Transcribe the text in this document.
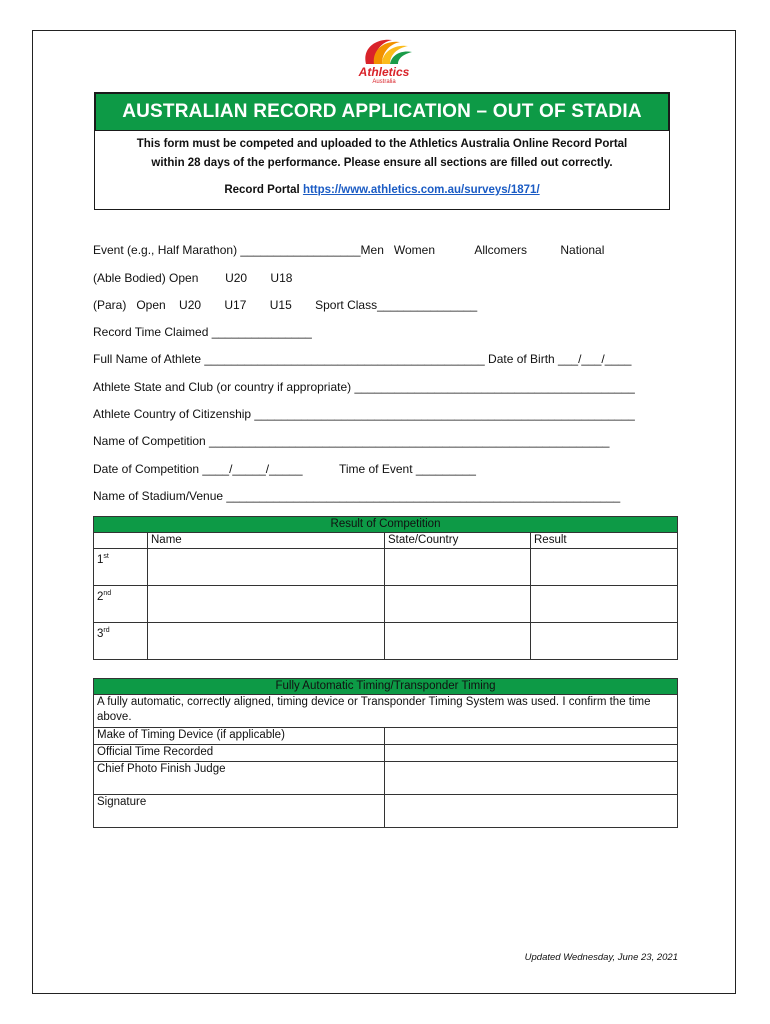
Athletics
Australia
AUSTRALIAN RECORD APPLICATION – OUT OF STADIA
This form must be competed and uploaded to the Athletics Australia Online Record Portal
within 28 days of the performance. Please ensure all sections are filled out correctly.
Record Portal https://www.athletics.com.au/surveys/1871/
Event (e.g., Half Marathon) __________________Men   Women            Allcomers          National
(Able Bodied) Open        U20       U18
(Para)   Open    U20       U17       U15       Sport Class_______________
Record Time Claimed _______________
Full Name of Athlete __________________________________________ Date of Birth ___/___/____
Athlete State and Club (or country if appropriate) __________________________________________
Athlete Country of Citizenship _________________________________________________________
Name of Competition ____________________________________________________________
Date of Competition ____/_____/_____           Time of Event _________
Name of Stadium/Venue ___________________________________________________________
Result of Competition			
	Name	State/Country	Result
1st			
2nd			
3rd			
Fully Automatic Timing/Transponder Timing	
A fully automatic, correctly aligned, timing device or Transponder Timing System was used. I confirm the time above.	
Make of Timing Device (if applicable)	
Official Time Recorded	
Chief Photo Finish Judge	
Signature	
Updated Wednesday, June 23, 2021
